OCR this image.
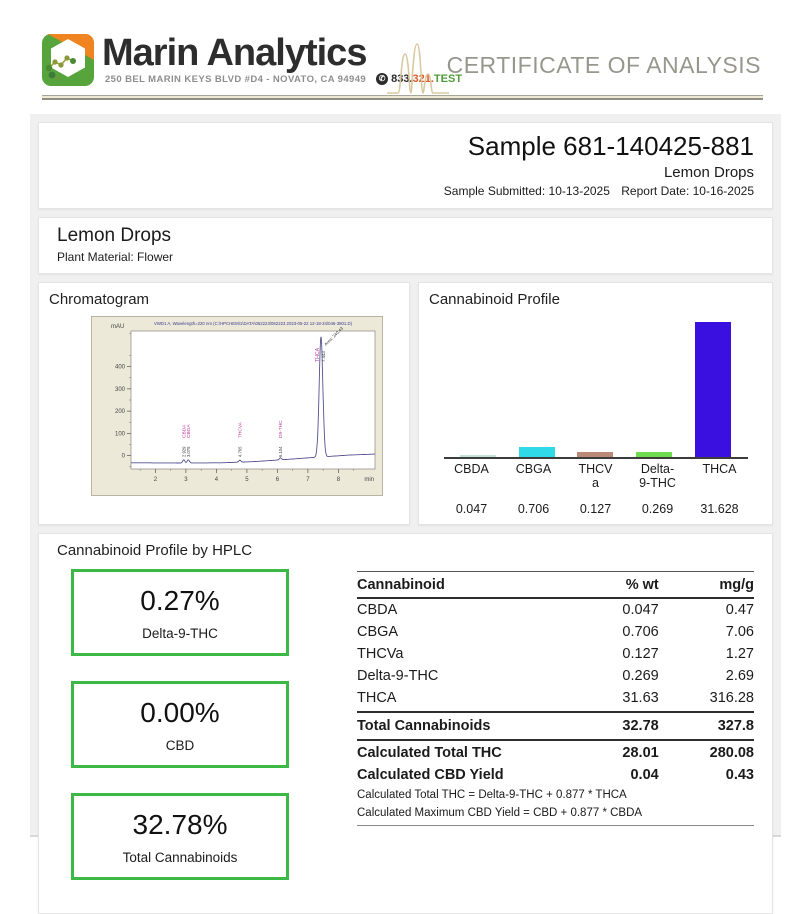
Marin Analytics
250 BEL MARIN KEYS BLVD #D4 - NOVATO, CA 94949	✆ 833. 321. TEST
CERTIFICATE OF ANALYSIS
Sample 681-140425-881
Lemon Drops
Sample Submitted: 10-13-2025 Report Date: 10-16-2025
Lemon Drops
Plant Material: Flower
Chromatogram
VWD1 A, Wavelength=220 nm (C:\HPCHEM\1\DATA\062223\062223 2023-05-22 12-18-34\046-3801.D)
mAU
400
300
200
100
0
2	3	4	5	6	7	8	min
CBDA
2.929
CBGA
3.075
THCVA
4.765
D9-THC
6.104
THCA 7.443
Area: 240.43
Cannabinoid Profile
CBDA	CBGA	THCV
a
Delta-
9-THC
THCA
0.047	0.706	0.127	0.269	31.628
Cannabinoid Profile by HPLC
0.27%
Delta-9-THC
0.00%
CBD
32.78%
Total Cannabinoids
Cannabinoid	% wt	mg/g
CBDA	0.047	0.47
CBGA	0.706	7.06
THCVa	0.127	1.27
Delta-9-THC	0.269	2.69
THCA	31.63	316.28
Total Cannabinoids	32.78	327.8
Calculated Total THC	28.01	280.08
Calculated CBD Yield	0.04	0.43
Calculated Total THC = Delta-9-THC + 0.877 * THCA		
Calculated Maximum CBD Yield = CBD + 0.877 * CBDA		
